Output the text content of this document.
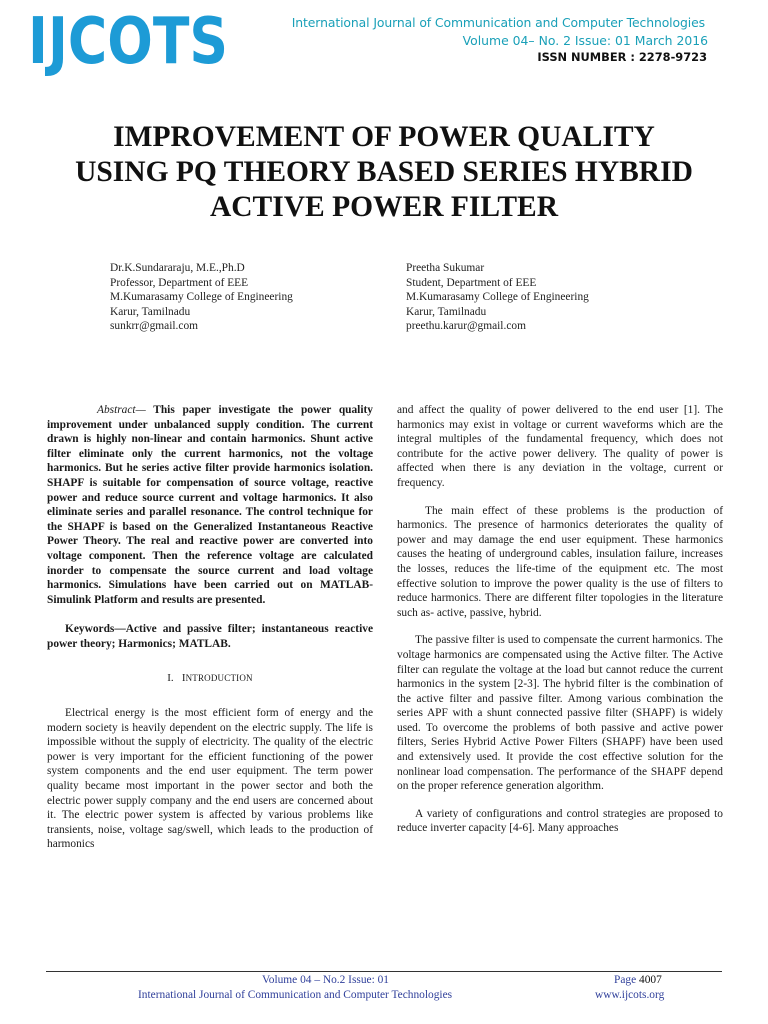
IJCOTS	International Journal of Communication and Computer Technologies
Volume 04– No. 2 Issue: 01 March 2016
ISSN NUMBER : 2278-9723
IMPROVEMENT OF POWER QUALITY
USING PQ THEORY BASED SERIES HYBRID
ACTIVE POWER FILTER
Dr.K.Sundararaju, M.E.,Ph.D
Professor, Department of EEE
M.Kumarasamy College of Engineering
Karur, Tamilnadu
sunkrr@gmail.com
Preetha Sukumar
Student, Department of EEE
M.Kumarasamy College of Engineering
Karur, Tamilnadu
preethu.karur@gmail.com

Abstract— This paper investigate the power quality improvement under unbalanced supply condition. The current drawn is highly non-linear and contain harmonics. Shunt active filter eliminate only the current harmonics, not the voltage harmonics. But he series active filter provide harmonics isolation. SHAPF is suitable for compensation of source voltage, reactive power and reduce source current and voltage harmonics. It also eliminate series and parallel resonance. The control technique for the SHAPF is based on the Generalized Instantaneous Reactive Power Theory. The real and reactive power are converted into voltage component. Then the reference voltage are calculated inorder to compensate the source current and load voltage harmonics. Simulations have been carried out on MATLAB-Simulink Platform and results are presented.

Keywords—Active and passive filter; instantaneous reactive power theory; Harmonics; MATLAB.

I. INTRODUCTION

Electrical energy is the most efficient form of energy and the modern society is heavily dependent on the electric supply. The life is impossible without the supply of electricity. The quality of the electric power is very important for the efficient functioning of the power system components and the end user equipment. The term power quality became most important in the power sector and both the electric power supply company and the end users are concerned about it. The electric power system is affected by various problems like transients, noise, voltage sag/swell, which leads to the production of harmonics

and affect the quality of power delivered to the end user [1]. The harmonics may exist in voltage or current waveforms which are the integral multiples of the fundamental frequency, which does not contribute for the active power delivery. The quality of power is affected when there is any deviation in the voltage, current or frequency.

The main effect of these problems is the production of harmonics. The presence of harmonics deteriorates the quality of power and may damage the end user equipment. These harmonics causes the heating of underground cables, insulation failure, increases the losses, reduces the life-time of the equipment etc. The most effective solution to improve the power quality is the use of filters to reduce harmonics. There are different filter topologies in the literature such as- active, passive, hybrid.

The passive filter is used to compensate the current harmonics. The voltage harmonics are compensated using the Active filter. The Active filter can regulate the voltage at the load but cannot reduce the current harmonics in the system [2-3]. The hybrid filter is the combination of the active filter and passive filter. Among various combination the series APF with a shunt connected passive filter (SHAPF) is widely used. To overcome the problems of both passive and active power filters, Series Hybrid Active Power Filters (SHAPF) have been used and extensively used. It provide the cost effective solution for the nonlinear load compensation. The performance of the SHAPF depend on the proper reference generation algorithm.

A variety of configurations and control strategies are proposed to reduce inverter capacity [4-6]. Many approaches

Volume 04 – No.2 Issue: 01
International Journal of Communication and Computer Technologies
Page 4007
www.ijcots.org
